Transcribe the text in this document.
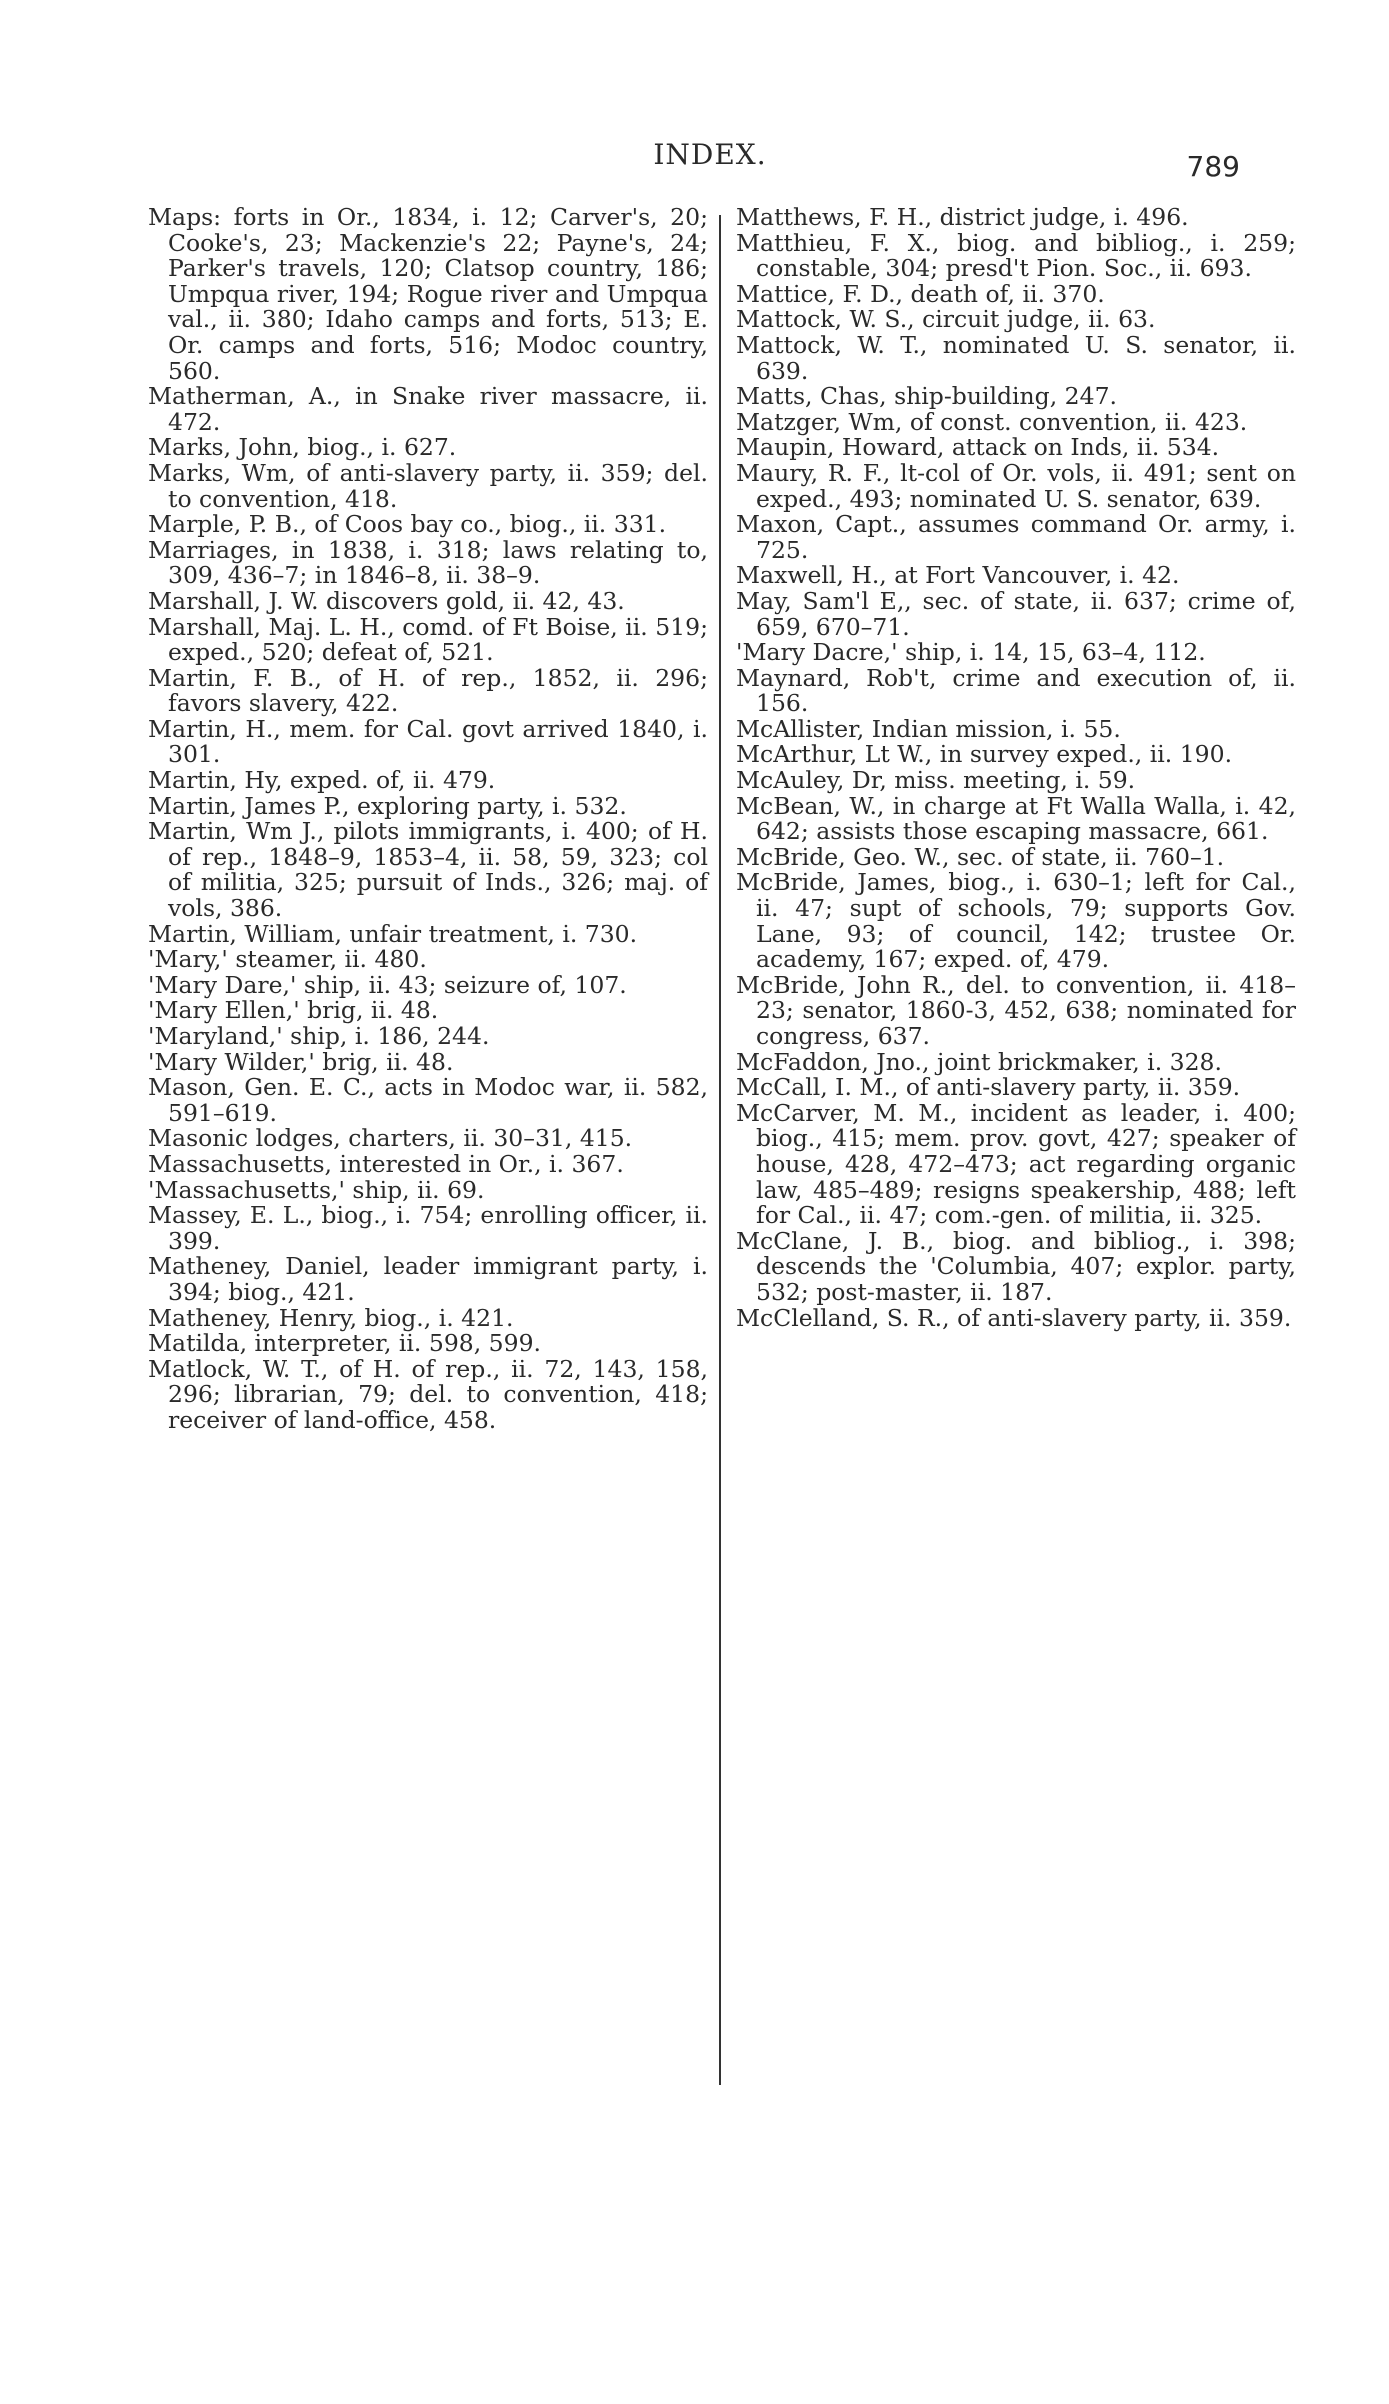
INDEX.	789

Maps: forts in Or., 1834, i. 12; Carver's, 20; Cooke's, 23; Mackenzie's 22; Payne's, 24; Parker's travels, 120; Clatsop country, 186; Umpqua river, 194; Rogue river and Umpqua val., ii. 380; Idaho camps and forts, 513; E. Or. camps and forts, 516; Modoc country, 560.

Matherman, A., in Snake river massacre, ii. 472.

Marks, John, biog., i. 627.

Marks, Wm, of anti-slavery party, ii. 359; del. to convention, 418.

Marple, P. B., of Coos bay co., biog., ii. 331.

Marriages, in 1838, i. 318; laws relating to, 309, 436–7; in 1846–8, ii. 38–9.

Marshall, J. W. discovers gold, ii. 42, 43.

Marshall, Maj. L. H., comd. of Ft Boise, ii. 519; exped., 520; defeat of, 521.

Martin, F. B., of H. of rep., 1852, ii. 296; favors slavery, 422.

Martin, H., mem. for Cal. govt arrived 1840, i. 301.

Martin, Hy, exped. of, ii. 479.

Martin, James P., exploring party, i. 532.

Martin, Wm J., pilots immigrants, i. 400; of H. of rep., 1848–9, 1853–4, ii. 58, 59, 323; col of militia, 325; pursuit of Inds., 326; maj. of vols, 386.

Martin, William, unfair treatment, i. 730.

'Mary,' steamer, ii. 480.

'Mary Dare,' ship, ii. 43; seizure of, 107.

'Mary Ellen,' brig, ii. 48.

'Maryland,' ship, i. 186, 244.

'Mary Wilder,' brig, ii. 48.

Mason, Gen. E. C., acts in Modoc war, ii. 582, 591–619.

Masonic lodges, charters, ii. 30–31, 415.

Massachusetts, interested in Or., i. 367.

'Massachusetts,' ship, ii. 69.

Massey, E. L., biog., i. 754; enrolling officer, ii. 399.

Matheney, Daniel, leader immigrant party, i. 394; biog., 421.

Matheney, Henry, biog., i. 421.

Matilda, interpreter, ii. 598, 599.

Matlock, W. T., of H. of rep., ii. 72, 143, 158, 296; librarian, 79; del. to convention, 418; receiver of land-office, 458.

Matthews, F. H., district judge, i. 496.

Matthieu, F. X., biog. and bibliog., i. 259; constable, 304; presd't Pion. Soc., ii. 693.

Mattice, F. D., death of, ii. 370.

Mattock, W. S., circuit judge, ii. 63.

Mattock, W. T., nominated U. S. senator, ii. 639.

Matts, Chas, ship-building, 247.

Matzger, Wm, of const. convention, ii. 423.

Maupin, Howard, attack on Inds, ii. 534.

Maury, R. F., lt-col of Or. vols, ii. 491; sent on exped., 493; nominated U. S. senator, 639.

Maxon, Capt., assumes command Or. army, i. 725.

Maxwell, H., at Fort Vancouver, i. 42.

May, Sam'l E,, sec. of state, ii. 637; crime of, 659, 670–71.

'Mary Dacre,' ship, i. 14, 15, 63–4, 112.

Maynard, Rob't, crime and execution of, ii. 156.

McAllister, Indian mission, i. 55.

McArthur, Lt W., in survey exped., ii. 190.

McAuley, Dr, miss. meeting, i. 59.

McBean, W., in charge at Ft Walla Walla, i. 42, 642; assists those escaping massacre, 661.

McBride, Geo. W., sec. of state, ii. 760–1.

McBride, James, biog., i. 630–1; left for Cal., ii. 47; supt of schools, 79; supports Gov. Lane, 93; of council, 142; trustee Or. academy, 167; exped. of, 479.

McBride, John R., del. to convention, ii. 418–23; senator, 1860-3, 452, 638; nominated for congress, 637.

McFaddon, Jno., joint brickmaker, i. 328.

McCall, I. M., of anti-slavery party, ii. 359.

McCarver, M. M., incident as leader, i. 400; biog., 415; mem. prov. govt, 427; speaker of house, 428, 472–473; act regarding organic law, 485–489; resigns speakership, 488; left for Cal., ii. 47; com.-gen. of militia, ii. 325.

McClane, J. B., biog. and bibliog., i. 398; descends the 'Columbia, 407; explor. party, 532; post-master, ii. 187.

McClelland, S. R., of anti-slavery party, ii. 359.
